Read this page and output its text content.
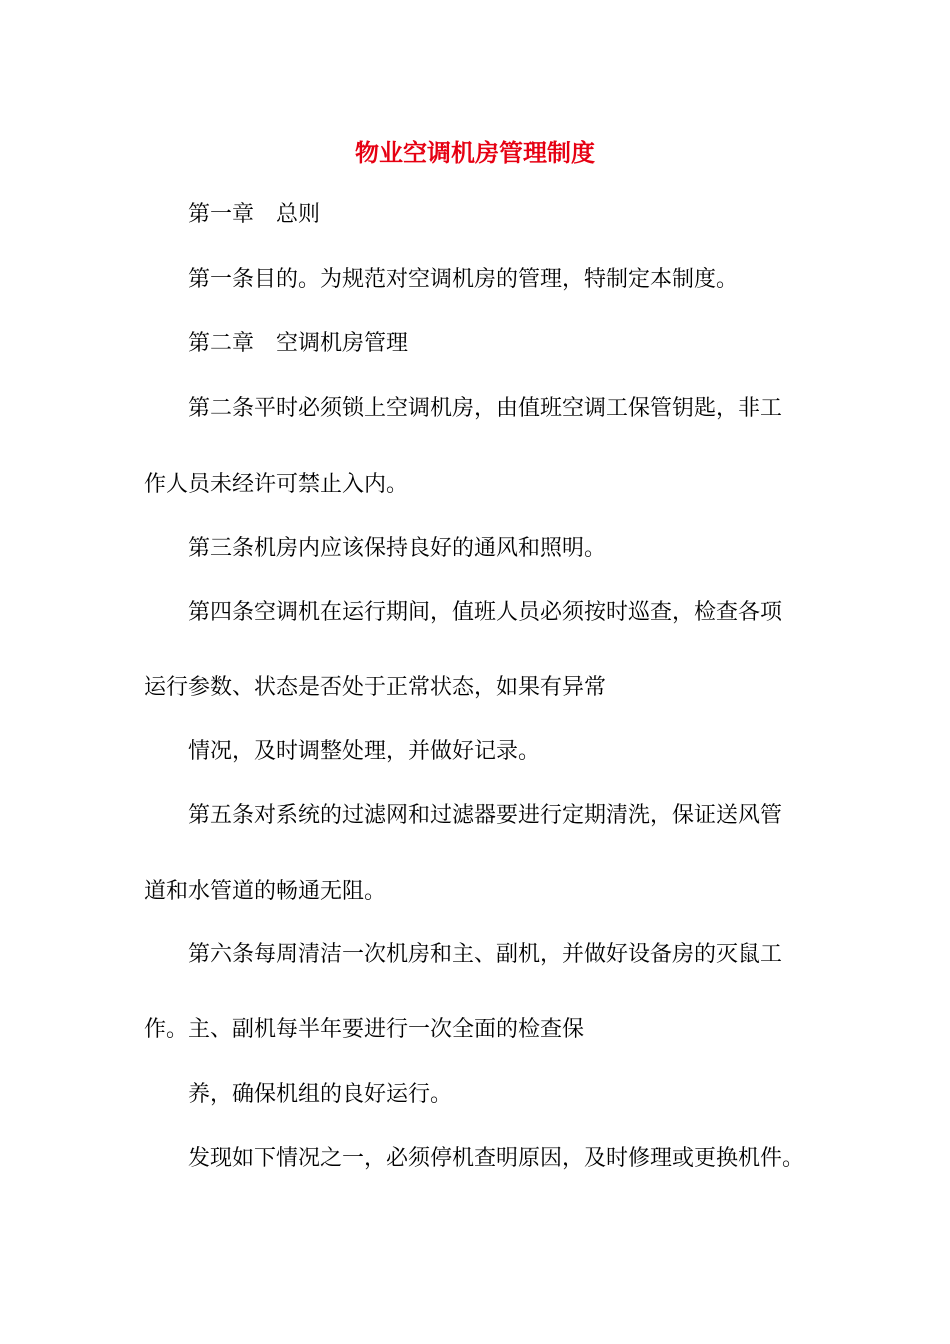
物业空调机房管理制度
第一章　总则
第一条目的。为规范对空调机房的管理，特制定本制度。
第二章　空调机房管理
第二条平时必须锁上空调机房，由值班空调工保管钥匙，非工
作人员未经许可禁止入内。
第三条机房内应该保持良好的通风和照明。
第四条空调机在运行期间，值班人员必须按时巡查，检查各项
运行参数、状态是否处于正常状态，如果有异常
情况，及时调整处理，并做好记录。
第五条对系统的过滤网和过滤器要进行定期清洗，保证送风管
道和水管道的畅通无阻。
第六条每周清洁一次机房和主、副机，并做好设备房的灭鼠工
作。主、副机每半年要进行一次全面的检查保
养，确保机组的良好运行。
发现如下情况之一，必须停机查明原因，及时修理或更换机件。
